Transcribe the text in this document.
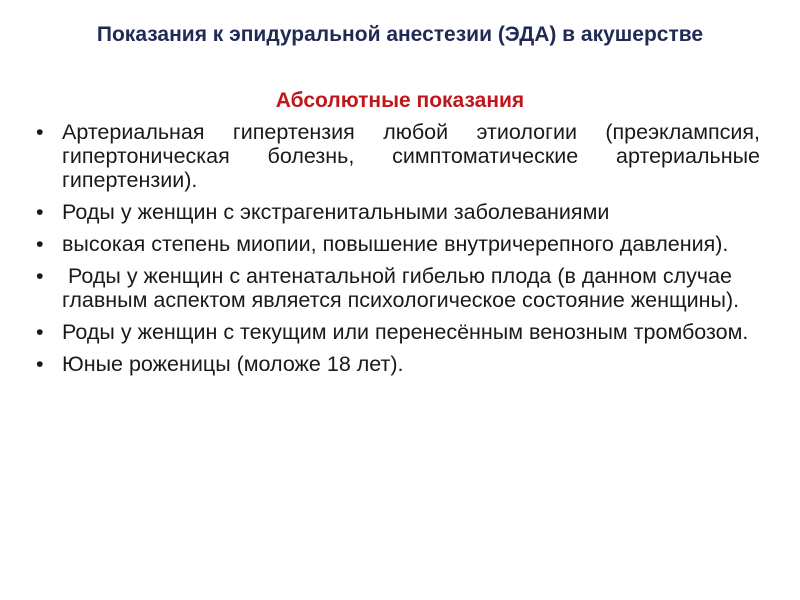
Показания к эпидуральной анестезии (ЭДА) в акушерстве
Абсолютные показания
• Артериальная гипертензия любой этиологии (преэклампсия, гипертоническая болезнь, симптоматические артериальные гипертензии).
• Роды у женщин с экстрагенитальными заболеваниями
• высокая степень миопии, повышение внутричерепного давления).
• Роды у женщин с антенатальной гибелью плода (в данном случае главным аспектом является психологическое состояние женщины).
• Роды у женщин с текущим или перенесённым венозным тромбозом.
• Юные роженицы (моложе 18 лет).
